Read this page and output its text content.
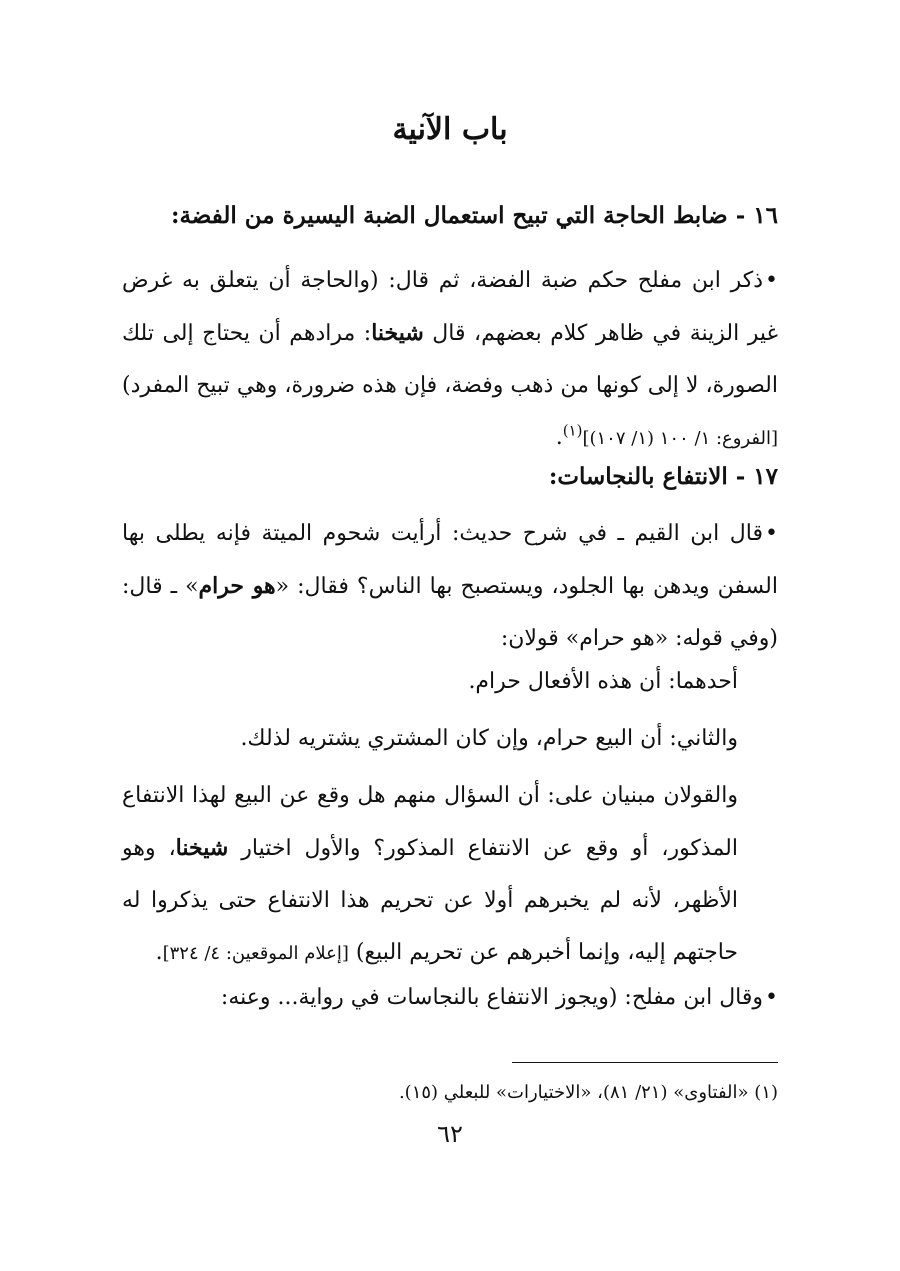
باب الآنية
١٦ - ضابط الحاجة التي تبيح استعمال الضبة اليسيرة من الفضة:

•ذكر ابن مفلح حكم ضبة الفضة، ثم قال: (والحاجة أن يتعلق به غرض غير الزينة في ظاهر كلام بعضهم، قال شيخنا: مرادهم أن يحتاج إلى تلك الصورة، لا إلى كونها من ذهب وفضة، فإن هذه ضرورة، وهي تبيح المفرد) [الفروع: ١/ ١٠٠ (١/ ١٠٧)]$^{(١)}$.

١٧ - الانتفاع بالنجاسات:

•قال ابن القيم ـ في شرح حديث: أرأيت شحوم الميتة فإنه يطلى بها السفن ويدهن بها الجلود، ويستصبح بها الناس؟ فقال: «هو حرام» ـ قال: (وفي قوله: «هو حرام» قولان:

أحدهما: أن هذه الأفعال حرام.
والثاني: أن البيع حرام، وإن كان المشتري يشتريه لذلك.

والقولان مبنيان على: أن السؤال منهم هل وقع عن البيع لهذا الانتفاع المذكور، أو وقع عن الانتفاع المذكور؟ والأول اختيار شيخنا، وهو الأظهر، لأنه لم يخبرهم أولا عن تحريم هذا الانتفاع حتى يذكروا له حاجتهم إليه، وإنما أخبرهم عن تحريم البيع) [إعلام الموقعين: ٤/ ٣٢٤].

•وقال ابن مفلح: (ويجوز الانتفاع بالنجاسات في رواية... وعنه:

(١) «الفتاوى» (٢١/ ٨١)، «الاختيارات» للبعلي (١٥).

٦٢
